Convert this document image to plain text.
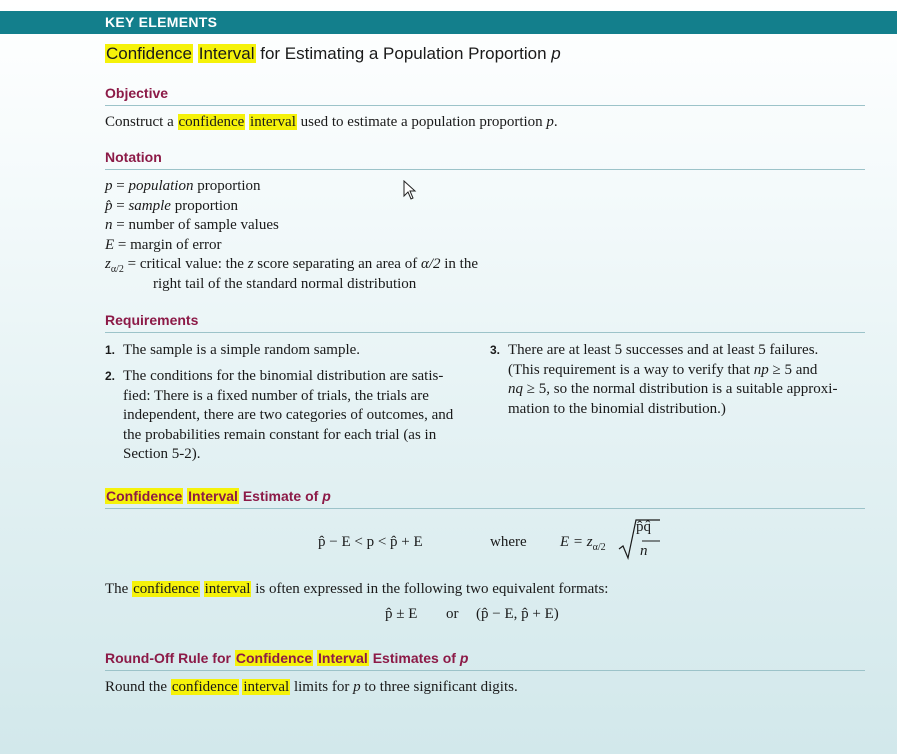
KEY ELEMENTS
Confidence Interval for Estimating a Population Proportion p
Objective
Construct a confidence interval used to estimate a population proportion p.
Notation
p = population proportion
p̂ = sample proportion
n = number of sample values
E = margin of error
$z_{\alpha/2}$ = critical value: the z score separating an area of α/2 in the
right tail of the standard normal distribution
Requirements
1. The sample is a simple random sample.
2. The conditions for the binomial distribution are satis-
fied: There is a fixed number of trials, the trials are
independent, there are two categories of outcomes, and
the probabilities remain constant for each trial (as in
Section 5-2).
3. There are at least 5 successes and at least 5 failures.
(This requirement is a way to verify that np ≥ 5 and
nq ≥ 5, so the normal distribution is a suitable approxi-
mation to the binomial distribution.)
Confidence Interval Estimate of p
p̂ − E < p < p̂ + E	where $E = z_{\alpha/2}$
p̂q̂
n
The confidence interval is often expressed in the following two equivalent formats:
p̂ ± E or (p̂ − E, p̂ + E)
Round-Off Rule for Confidence Interval Estimates of p
Round the confidence interval limits for p to three significant digits.
